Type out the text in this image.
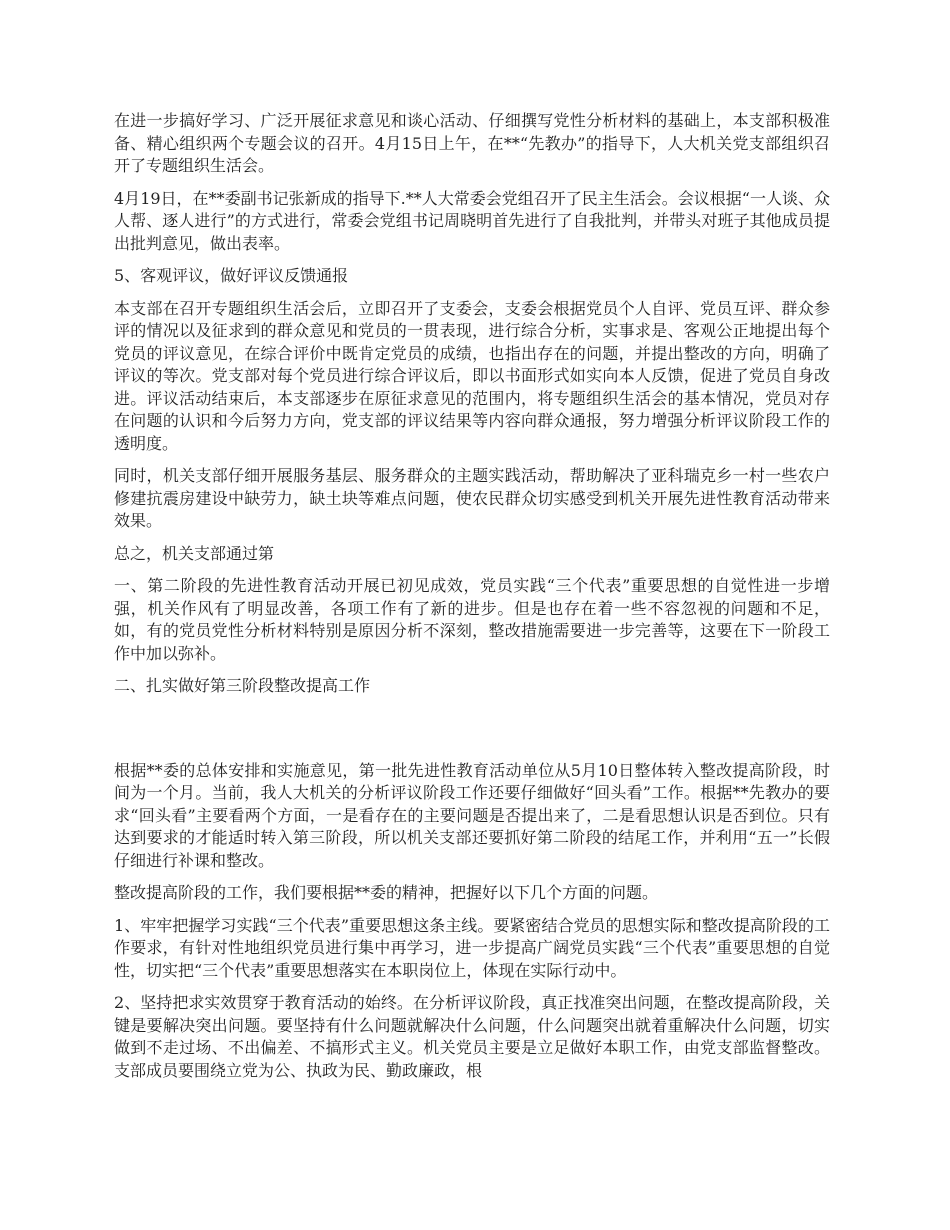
在进一步搞好学习、广泛开展征求意见和谈心活动、仔细撰写党性分析材料的基础上，本支部积极准备、精心组织两个专题会议的召开。4月15日上午，在**“先教办”的指导下，人大机关党支部组织召开了专题组织生活会。

4月19日，在**委副书记张新成的指导下.**人大常委会党组召开了民主生活会。会议根据“一人谈、众人帮、逐人进行”的方式进行，常委会党组书记周晓明首先进行了自我批判，并带头对班子其他成员提出批判意见，做出表率。

5、客观评议，做好评议反馈通报

本支部在召开专题组织生活会后，立即召开了支委会，支委会根据党员个人自评、党员互评、群众参评的情况以及征求到的群众意见和党员的一贯表现，进行综合分析，实事求是、客观公正地提出每个党员的评议意见，在综合评价中既肯定党员的成绩，也指出存在的问题，并提出整改的方向，明确了评议的等次。党支部对每个党员进行综合评议后，即以书面形式如实向本人反馈，促进了党员自身改进。评议活动结束后，本支部逐步在原征求意见的范围内，将专题组织生活会的基本情况，党员对存在问题的认识和今后努力方向，党支部的评议结果等内容向群众通报，努力增强分析评议阶段工作的透明度。

同时，机关支部仔细开展服务基层、服务群众的主题实践活动，帮助解决了亚科瑞克乡一村一些农户修建抗震房建设中缺劳力，缺土块等难点问题，使农民群众切实感受到机关开展先进性教育活动带来效果。

总之，机关支部通过第

一、第二阶段的先进性教育活动开展已初见成效，党员实践“三个代表”重要思想的自觉性进一步增强，机关作风有了明显改善，各项工作有了新的进步。但是也存在着一些不容忽视的问题和不足，如，有的党员党性分析材料特别是原因分析不深刻，整改措施需要进一步完善等，这要在下一阶段工作中加以弥补。

二、扎实做好第三阶段整改提高工作

根据**委的总体安排和实施意见，第一批先进性教育活动单位从5月10日整体转入整改提高阶段，时间为一个月。当前，我人大机关的分析评议阶段工作还要仔细做好“回头看”工作。根据**先教办的要求“回头看”主要看两个方面，一是看存在的主要问题是否提出来了，二是看思想认识是否到位。只有达到要求的才能适时转入第三阶段，所以机关支部还要抓好第二阶段的结尾工作，并利用“五一”长假仔细进行补课和整改。

整改提高阶段的工作，我们要根据**委的精神，把握好以下几个方面的问题。

1、牢牢把握学习实践“三个代表”重要思想这条主线。要紧密结合党员的思想实际和整改提高阶段的工作要求，有针对性地组织党员进行集中再学习，进一步提高广阔党员实践“三个代表”重要思想的自觉性，切实把“三个代表”重要思想落实在本职岗位上，体现在实际行动中。

2、坚持把求实效贯穿于教育活动的始终。在分析评议阶段，真正找准突出问题，在整改提高阶段，关键是要解决突出问题。要坚持有什么问题就解决什么问题，什么问题突出就着重解决什么问题，切实做到不走过场、不出偏差、不搞形式主义。机关党员主要是立足做好本职工作，由党支部监督整改。支部成员要围绕立党为公、执政为民、勤政廉政，根
